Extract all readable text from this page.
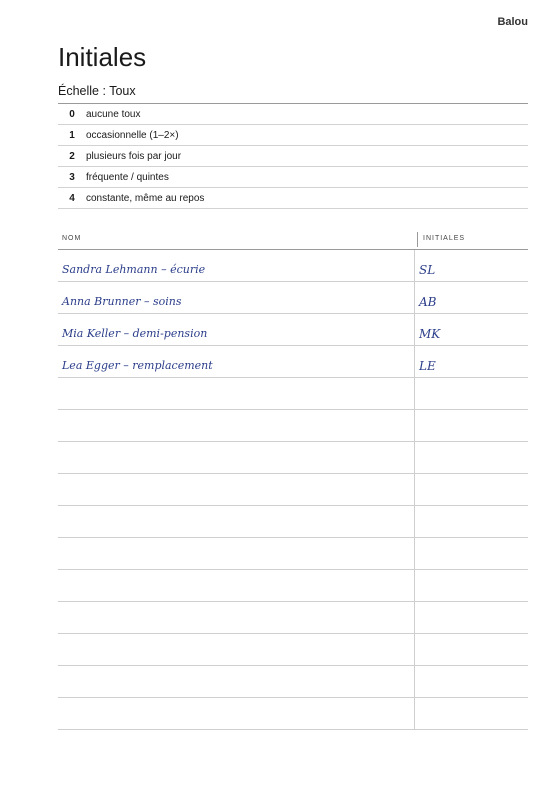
Balou
Initiales
Échelle : Toux
0	aucune toux
1	occasionnelle (1–2×)
2	plusieurs fois par jour
3	fréquente / quintes
4	constante, même au repos
NOM	INITIALES
Sandra Lehmann – écurie	SL
Anna Brunner – soins	AB
Mia Keller – demi-pension	MK
Lea Egger – remplacement	LE
